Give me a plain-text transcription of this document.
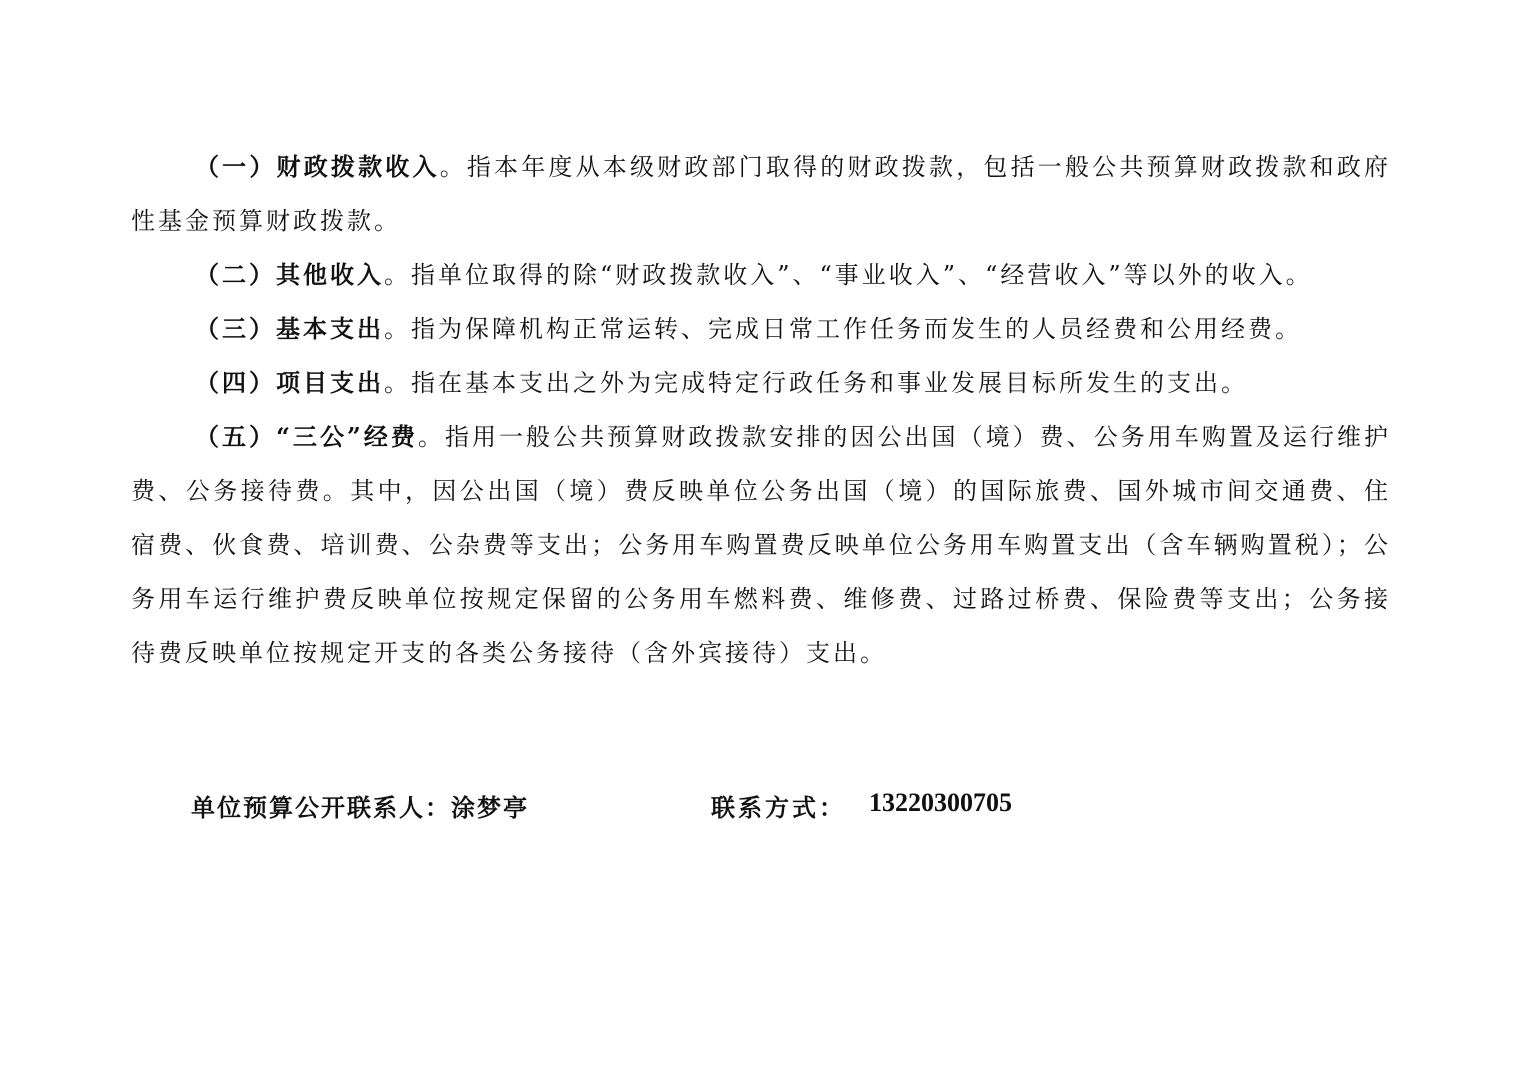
（一）财政拨款收入。指本年度从本级财政部门取得的财政拨款，包括一般公共预算财政拨款和政府性基金预算财政拨款。

（二）其他收入。指单位取得的除“财政拨款收入”、“事业收入”、“经营收入”等以外的收入。

（三）基本支出。指为保障机构正常运转、完成日常工作任务而发生的人员经费和公用经费。

（四）项目支出。指在基本支出之外为完成特定行政任务和事业发展目标所发生的支出。

（五）“三公”经费。指用一般公共预算财政拨款安排的因公出国（境）费、公务用车购置及运行维护费、公务接待费。其中，因公出国（境）费反映单位公务出国（境）的国际旅费、国外城市间交通费、住宿费、伙食费、培训费、公杂费等支出；公务用车购置费反映单位公务用车购置支出（含车辆购置税）；公务用车运行维护费反映单位按规定保留的公务用车燃料费、维修费、过路过桥费、保险费等支出；公务接待费反映单位按规定开支的各类公务接待（含外宾接待）支出。

单位预算公开联系人：涂梦亭	联系方式： 13220300705
